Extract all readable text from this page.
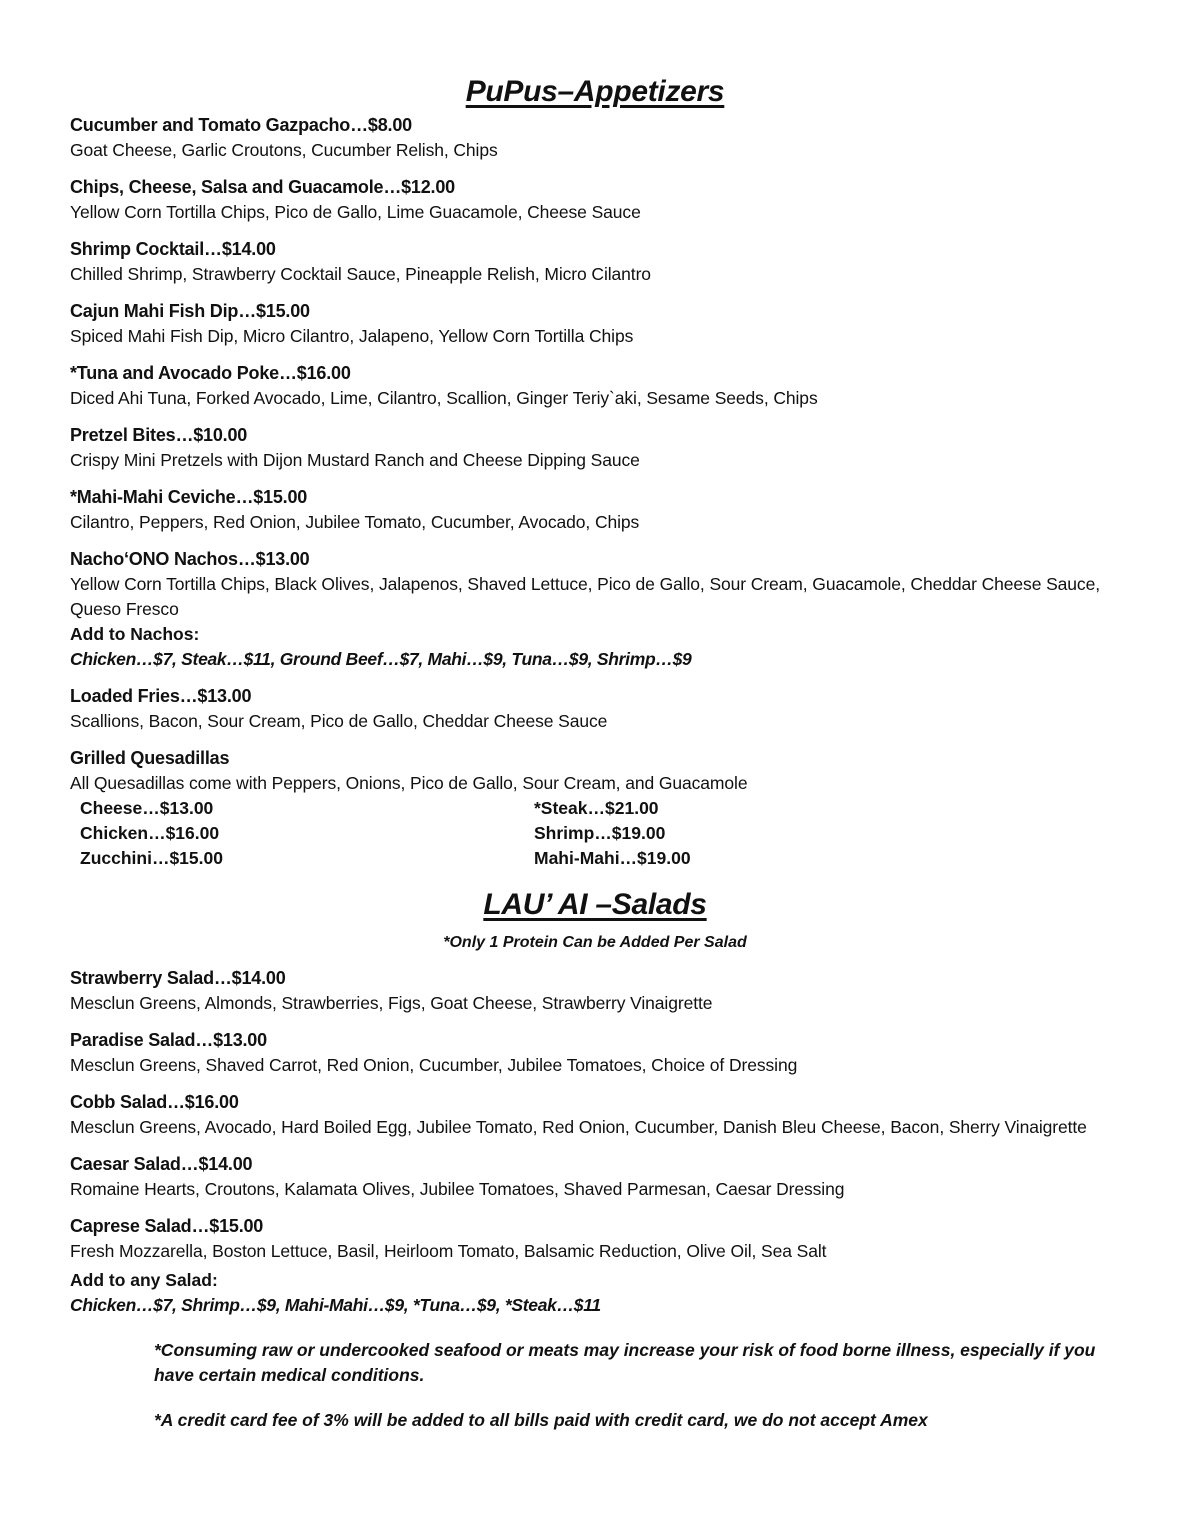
PuPus–Appetizers
Cucumber and Tomato Gazpacho…$8.00
Goat Cheese, Garlic Croutons, Cucumber Relish, Chips
Chips, Cheese, Salsa and Guacamole…$12.00
Yellow Corn Tortilla Chips, Pico de Gallo, Lime Guacamole, Cheese Sauce
Shrimp Cocktail…$14.00
Chilled Shrimp, Strawberry Cocktail Sauce, Pineapple Relish, Micro Cilantro
Cajun Mahi Fish Dip…$15.00
Spiced Mahi Fish Dip, Micro Cilantro, Jalapeno, Yellow Corn Tortilla Chips
*Tuna and Avocado Poke…$16.00
Diced Ahi Tuna, Forked Avocado, Lime, Cilantro, Scallion, Ginger Teriy`aki, Sesame Seeds, Chips
Pretzel Bites…$10.00
Crispy Mini Pretzels with Dijon Mustard Ranch and Cheese Dipping Sauce
*Mahi-Mahi Ceviche…$15.00
Cilantro, Peppers, Red Onion, Jubilee Tomato, Cucumber, Avocado, Chips
Nacho‘ONO Nachos…$13.00
Yellow Corn Tortilla Chips, Black Olives, Jalapenos, Shaved Lettuce, Pico de Gallo, Sour Cream, Guacamole, Cheddar Cheese Sauce, Queso Fresco
Add to Nachos:
Chicken…$7, Steak…$11, Ground Beef…$7, Mahi…$9, Tuna…$9, Shrimp…$9
Loaded Fries…$13.00
Scallions, Bacon, Sour Cream, Pico de Gallo, Cheddar Cheese Sauce
Grilled Quesadillas
All Quesadillas come with Peppers, Onions, Pico de Gallo, Sour Cream, and Guacamole
Cheese…$13.00	*Steak…$21.00
Chicken…$16.00	Shrimp…$19.00
Zucchini…$15.00	Mahi-Mahi…$19.00
LAU’ AI –Salads
*Only 1 Protein Can be Added Per Salad
Strawberry Salad…$14.00
Mesclun Greens, Almonds, Strawberries, Figs, Goat Cheese, Strawberry Vinaigrette
Paradise Salad…$13.00
Mesclun Greens, Shaved Carrot, Red Onion, Cucumber, Jubilee Tomatoes, Choice of Dressing
Cobb Salad…$16.00
Mesclun Greens, Avocado, Hard Boiled Egg, Jubilee Tomato, Red Onion, Cucumber, Danish Bleu Cheese, Bacon, Sherry Vinaigrette
Caesar Salad…$14.00
Romaine Hearts, Croutons, Kalamata Olives, Jubilee Tomatoes, Shaved Parmesan, Caesar Dressing
Caprese Salad…$15.00
Fresh Mozzarella, Boston Lettuce, Basil, Heirloom Tomato, Balsamic Reduction, Olive Oil, Sea Salt
Add to any Salad:
Chicken…$7, Shrimp…$9, Mahi-Mahi…$9, *Tuna…$9, *Steak…$11
*Consuming raw or undercooked seafood or meats may increase your risk of food borne illness, especially if you have certain medical conditions.
*A credit card fee of 3% will be added to all bills paid with credit card, we do not accept Amex
